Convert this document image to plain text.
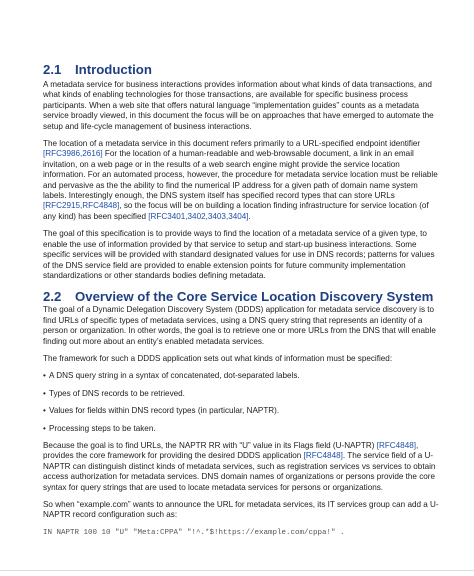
2.1 Introduction

A metadata service for business interactions provides information about what kinds of data transactions, and what kinds of enabling technologies for those transactions, are available for specific business process participants. When a web site that offers natural language “implementation guides” counts as a metadata service broadly viewed, in this document the focus will be on approaches that have emerged to automate the setup and life-cycle management of business interactions.

The location of a metadata service in this document refers primarily to a URL-specified endpoint identifier [RFC3986,2616] For the location of a human-readable and web-browsable document, a link in an email invitation, on a web page or in the results of a web search engine might provide the service location information. For an automated process, however, the procedure for metadata service location must be reliable and pervasive as the the ability to find the numerical IP address for a given path of domain name system labels. Interestingly enough, the DNS system itself has specified record types that can store URLs [RFC2915,RFC4848], so the focus will be on building a location finding infrastructure for service location (of any kind) has been specified [RFC3401,3402,3403,3404].

The goal of this specification is to provide ways to find the location of a metadata service of a given type, to enable the use of information provided by that service to setup and start-up business interactions. Some specific services will be provided with standard designated values for use in DNS records; patterns for values of the DNS service field are provided to enable extension points for future community implementation standardizations or other standards bodies defining metadata.

2.2 Overview of the Core Service Location Discovery System

The goal of a Dynamic Delegation Discovery System (DDDS) application for metadata service discovery is to find URLs of specific types of metadata services, using a DNS query string that represents an identity of a person or organization. In other words, the goal is to retrieve one or more URLs from the DNS that will enable finding out more about an entity’s enabled metadata services.

The framework for such a DDDS application sets out what kinds of information must be specified:

• A DNS query string in a syntax of concatenated, dot-separated labels.
• Types of DNS records to be retrieved.
• Values for fields within DNS record types (in particular, NAPTR).
• Processing steps to be taken.

Because the goal is to find URLs, the NAPTR RR with “U” value in its Flags field (U-NAPTR) [RFC4848], provides the core framework for providing the desired DDDS application [RFC4848]. The service field of a U-NAPTR can distinguish distinct kinds of metadata services, such as registration services vs services to obtain access authorization for metadata services. DNS domain names of organizations or persons provide the core syntax for query strings that are used to locate metadata services for persons or organizations.

So when “example.com” wants to announce the URL for metadata services, its IT services group can add a U-NAPTR record configuration such as:

IN NAPTR 100 10 "U" "Meta:CPPA" "!^.*$!https://example.com/cppa!" .
